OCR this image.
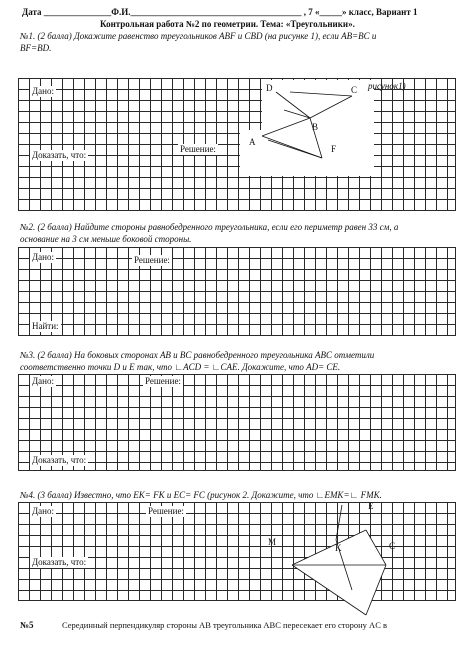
Дата _______________Ф.И.______________________________________ , 7 «_____» класс, Вариант 1
Контрольная работа №2 по геометрии. Тема: «Треугольники».
№1. (2 балла) Докажите равенство треугольников ABF и CBD (на рисунке 1), если AB=BC и
BF=BD.
Дано:
Доказать, что:
Решение:
рисунок1)
D	C
B
A
F
№2. (2 балла) Найдите стороны равнобедренного треугольника, если его периметр равен 33 см, а
основание на 3 см меньше боковой стороны.
Дано:	Решение:
Найти:
№3. (2 балла) На боковых сторонах AB и BC равнобедренного треугольника ABC отметили
соответственно точки D и E так, что ∟ACD = ∟CAE. Докажите, что AD= CE.
Дано:	Решение:
Доказать, что:
№4. (3 балла) Известно, что EK= FK и EC= FC (рисунок 2. Докажите, что ∟EMK=∟ FMK.
Дано:	Решение:
Доказать, что:
E
M
K	C
№5	Серединный перпендикуляр стороны AB треугольника ABC пересекает его сторону AC в
